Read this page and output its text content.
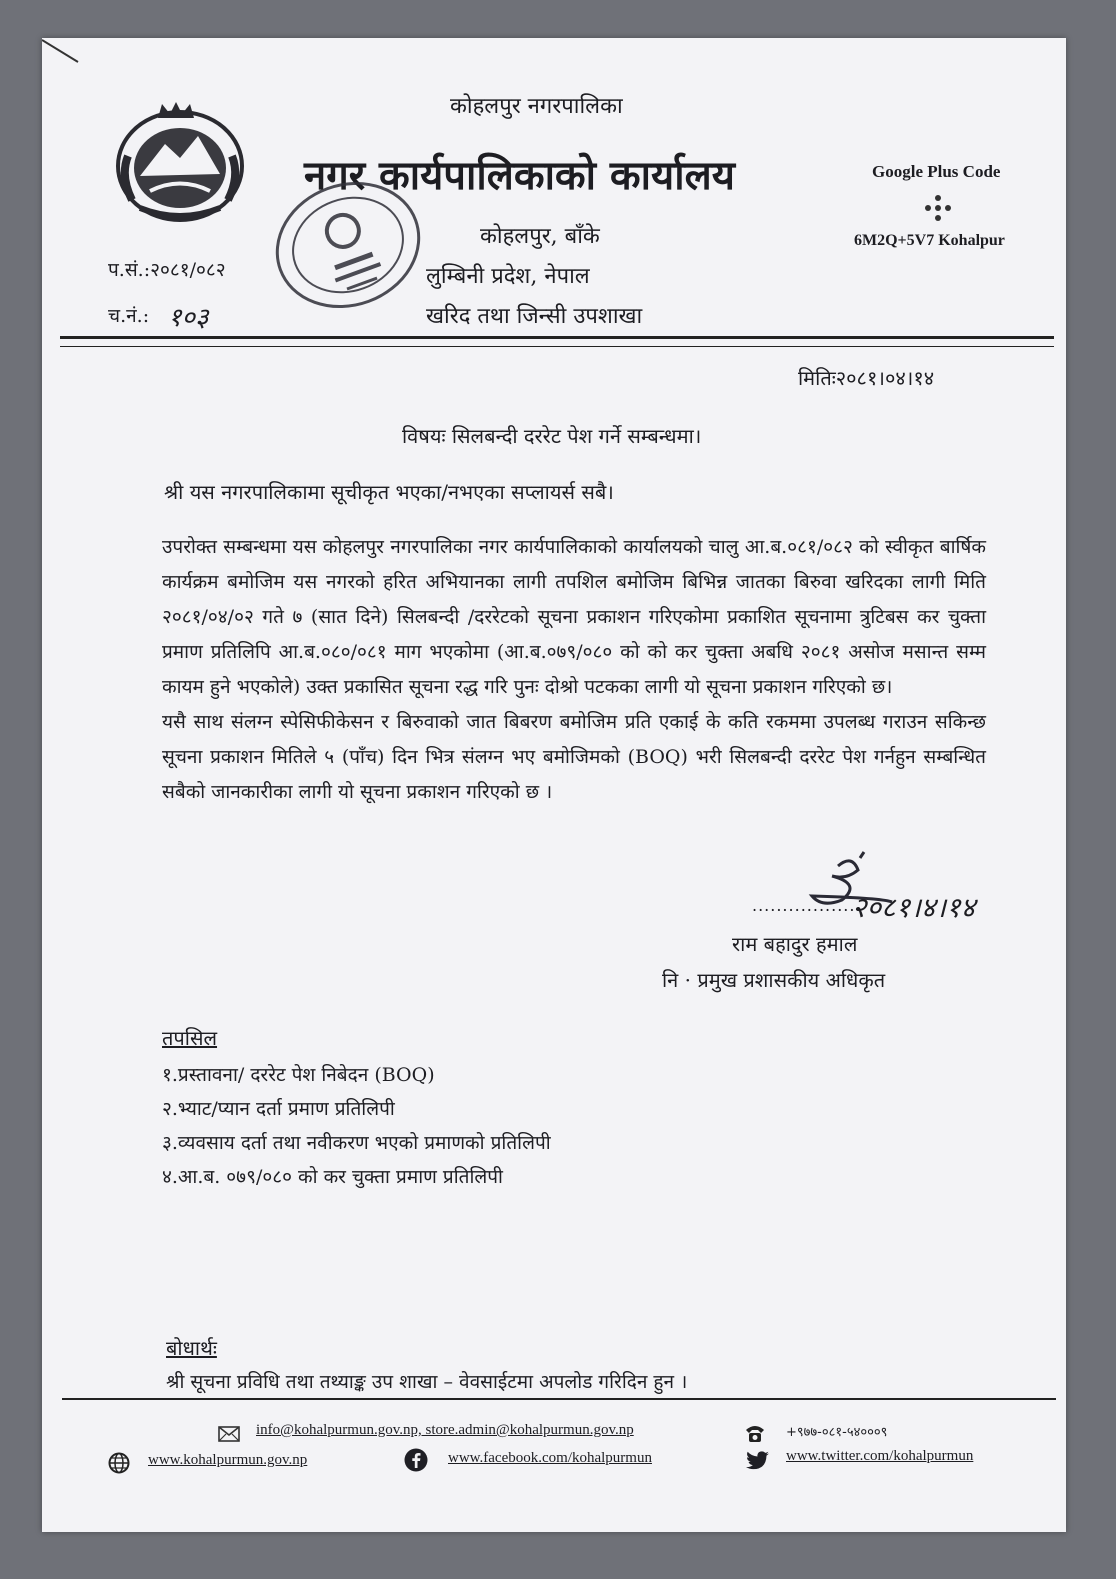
कोहलपुर नगरपालिका
नगर कार्यपालिकाको कार्यालय
कोहलपुर, बाँके
लुम्बिनी प्रदेश, नेपाल
खरिद तथा जिन्सी उपशाखा
Google Plus Code
6M2Q+5V7 Kohalpur
प.सं.:२०८१/०८२
च.नं.: १०३
मितिः२०८१।०४।१४
विषयः सिलबन्दी दररेट पेश गर्ने सम्बन्धमा।
श्री यस नगरपालिकामा सूचीकृत भएका/नभएका सप्लायर्स सबै।

उपरोक्त सम्बन्धमा यस कोहलपुर नगरपालिका नगर कार्यपालिकाको कार्यालयको चालु आ.ब.०८१/०८२ को स्वीकृत बार्षिक कार्यक्रम बमोजिम यस नगरको हरित अभियानका लागी तपशिल बमोजिम बिभिन्न जातका बिरुवा खरिदका लागी मिति २०८१/०४/०२ गते ७ (सात दिने) सिलबन्दी /दररेटको सूचना प्रकाशन गरिएकोमा प्रकाशित सूचनामा त्रुटिबस कर चुक्ता प्रमाण प्रतिलिपि आ.ब.०८०/०८१ माग भएकोमा (आ.ब.०७९/०८० को को कर चुक्ता अबधि २०८१ असोज मसान्त सम्म कायम हुने भएकोले) उक्त प्रकासित सूचना रद्ध गरि पुनः दोश्रो पटकका लागी यो सूचना प्रकाशन गरिएको छ।

यसै साथ संलग्न स्पेसिफीकेसन र बिरुवाको जात बिबरण बमोजिम प्रति एकाई के कति रकममा उपलब्ध गराउन सकिन्छ सूचना प्रकाशन मितिले ५ (पाँच) दिन भित्र संलग्न भए बमोजिमको (BOQ) भरी सिलबन्दी दररेट पेश गर्नहुन सम्बन्धित सबैको जानकारीका लागी यो सूचना प्रकाशन गरिएको छ ।

..................
२०८१।४।१४
राम बहादुर हमाल
नि · प्रमुख प्रशासकीय अधिकृत
तपसिल
१.प्रस्तावना/ दररेट पेश निबेदन (BOQ)
२.भ्याट/प्यान दर्ता प्रमाण प्रतिलिपी
३.व्यवसाय दर्ता तथा नवीकरण भएको प्रमाणको प्रतिलिपी
४.आ.ब. ०७९/०८० को कर चुक्ता प्रमाण प्रतिलिपी
बोधार्थः
श्री सूचना प्रविधि तथा तथ्याङ्क उप शाखा – वेवसाईटमा अपलोड गरिदिन हुन ।
info@kohalpurmun.gov.np, store.admin@kohalpurmun.gov.np	+९७७-०८१-५४०००९
www.kohalpurmun.gov.np	www.facebook.com/kohalpurmun	www.twitter.com/kohalpurmun
